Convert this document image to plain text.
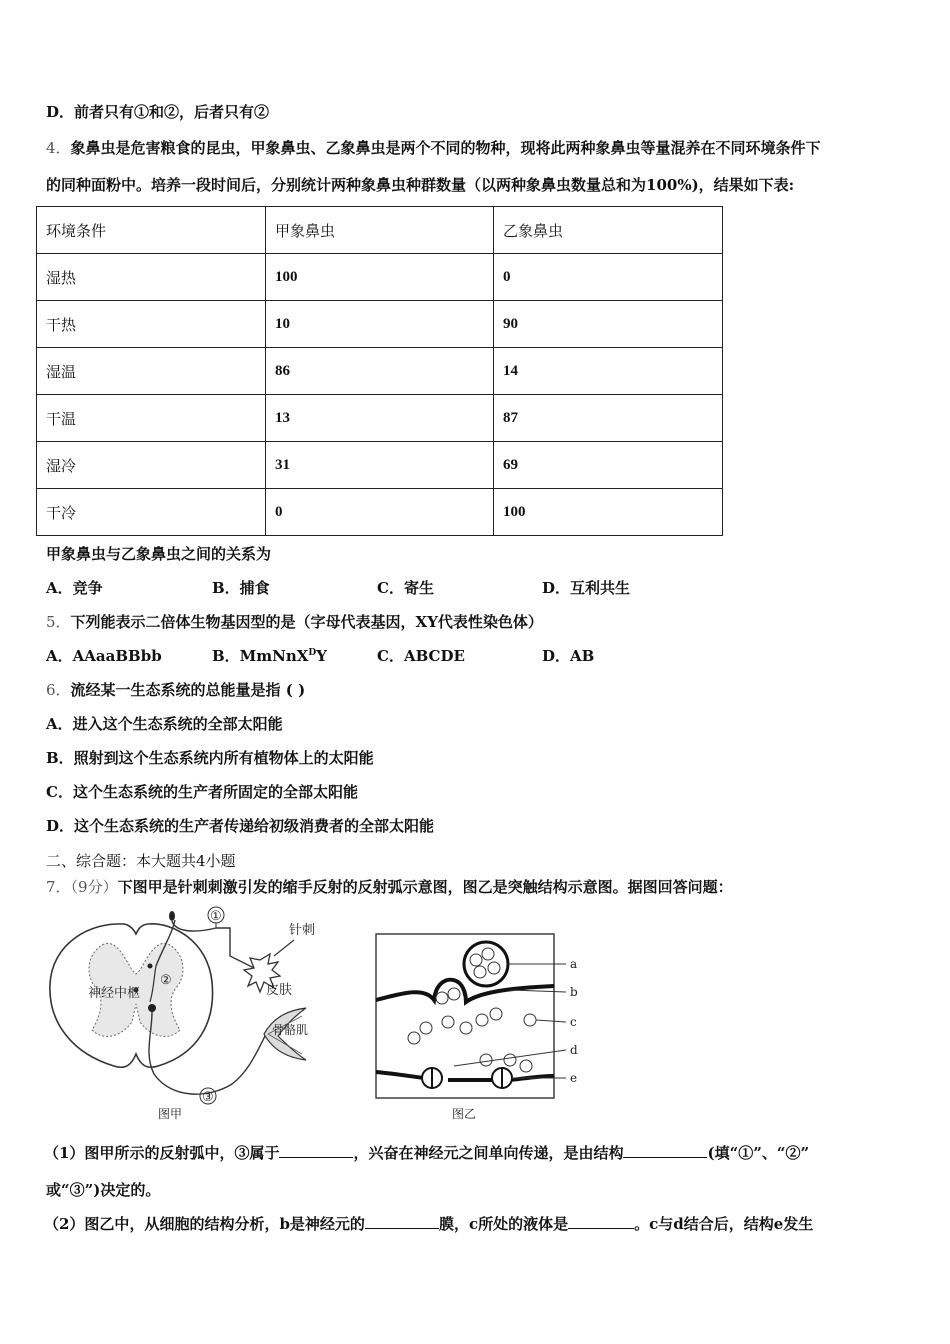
D．前者只有①和②，后者只有②
4．象鼻虫是危害粮食的昆虫，甲象鼻虫、乙象鼻虫是两个不同的物种，现将此两种象鼻虫等量混养在不同环境条件下
的同种面粉中。培养一段时间后，分别统计两种象鼻虫种群数量（以两种象鼻虫数量总和为100%)，结果如下表:
环境条件	甲象鼻虫	乙象鼻虫
湿热	100	0
干热	10	90
湿温	86	14
干温	13	87
湿冷	31	69
干冷	0	100
甲象鼻虫与乙象鼻虫之间的关系为
A．竞争	B．捕食	C．寄生	D．互利共生
5．下列能表示二倍体生物基因型的是（字母代表基因，XY代表性染色体）
A．AAaaBBbb	B．MmNnX$^D$Y	C．ABCDE	D．AB
6．流经某一生态系统的总能量是指 ( )
A．进入这个生态系统的全部太阳能
B．照射到这个生态系统内所有植物体上的太阳能
C．这个生态系统的生产者所固定的全部太阳能
D．这个生态系统的生产者传递给初级消费者的全部太阳能
二、综合题：本大题共4小题
7．（9分）下图甲是针刺刺激引发的缩手反射的反射弧示意图，图乙是突触结构示意图。据图回答问题：
神经中枢
①
针刺
皮肤
②
骨骼肌
③
图甲
a
b
c
d
e
图乙
（1）图甲所示的反射弧中，③属于	，兴奋在神经元之间单向传递，是由结构	(填“①”、“②”
或“③”)决定的。
（2）图乙中，从细胞的结构分析，b是神经元的	膜，c所处的液体是	。c与d结合后，结构e发生
